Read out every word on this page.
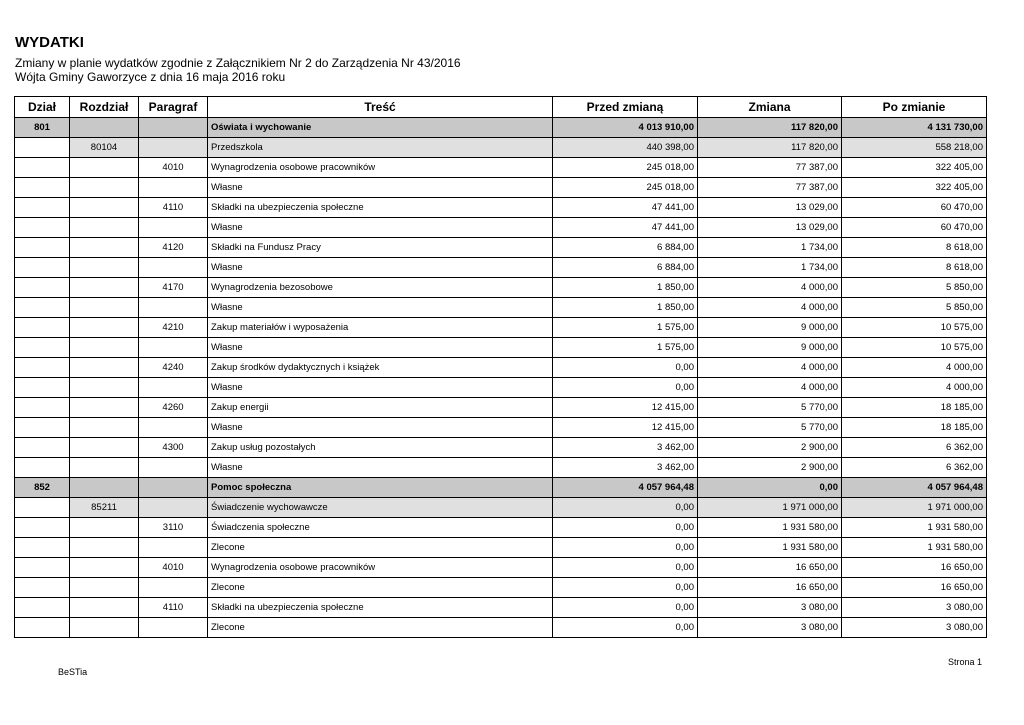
WYDATKI
Zmiany w planie wydatków zgodnie z Załącznikiem Nr 2 do Zarządzenia Nr 43/2016
Wójta Gminy Gaworzyce z dnia 16 maja 2016 roku
Dział	Rozdział	Paragraf	Treść	Przed zmianą	Zmiana	Po zmianie
801			Oświata i wychowanie	4 013 910,00	117 820,00	4 131 730,00
	80104		Przedszkola	440 398,00	117 820,00	558 218,00
		4010	Wynagrodzenia osobowe pracowników	245 018,00	77 387,00	322 405,00
			Własne	245 018,00	77 387,00	322 405,00
		4110	Składki na ubezpieczenia społeczne	47 441,00	13 029,00	60 470,00
			Własne	47 441,00	13 029,00	60 470,00
		4120	Składki na Fundusz Pracy	6 884,00	1 734,00	8 618,00
			Własne	6 884,00	1 734,00	8 618,00
		4170	Wynagrodzenia bezosobowe	1 850,00	4 000,00	5 850,00
			Własne	1 850,00	4 000,00	5 850,00
		4210	Zakup materiałów i wyposażenia	1 575,00	9 000,00	10 575,00
			Własne	1 575,00	9 000,00	10 575,00
		4240	Zakup środków dydaktycznych i książek	0,00	4 000,00	4 000,00
			Własne	0,00	4 000,00	4 000,00
		4260	Zakup energii	12 415,00	5 770,00	18 185,00
			Własne	12 415,00	5 770,00	18 185,00
		4300	Zakup usług pozostałych	3 462,00	2 900,00	6 362,00
			Własne	3 462,00	2 900,00	6 362,00
852			Pomoc społeczna	4 057 964,48	0,00	4 057 964,48
	85211		Świadczenie wychowawcze	0,00	1 971 000,00	1 971 000,00
		3110	Świadczenia społeczne	0,00	1 931 580,00	1 931 580,00
			Zlecone	0,00	1 931 580,00	1 931 580,00
		4010	Wynagrodzenia osobowe pracowników	0,00	16 650,00	16 650,00
			Zlecone	0,00	16 650,00	16 650,00
		4110	Składki na ubezpieczenia społeczne	0,00	3 080,00	3 080,00
			Zlecone	0,00	3 080,00	3 080,00
BeSTia
Strona 1
